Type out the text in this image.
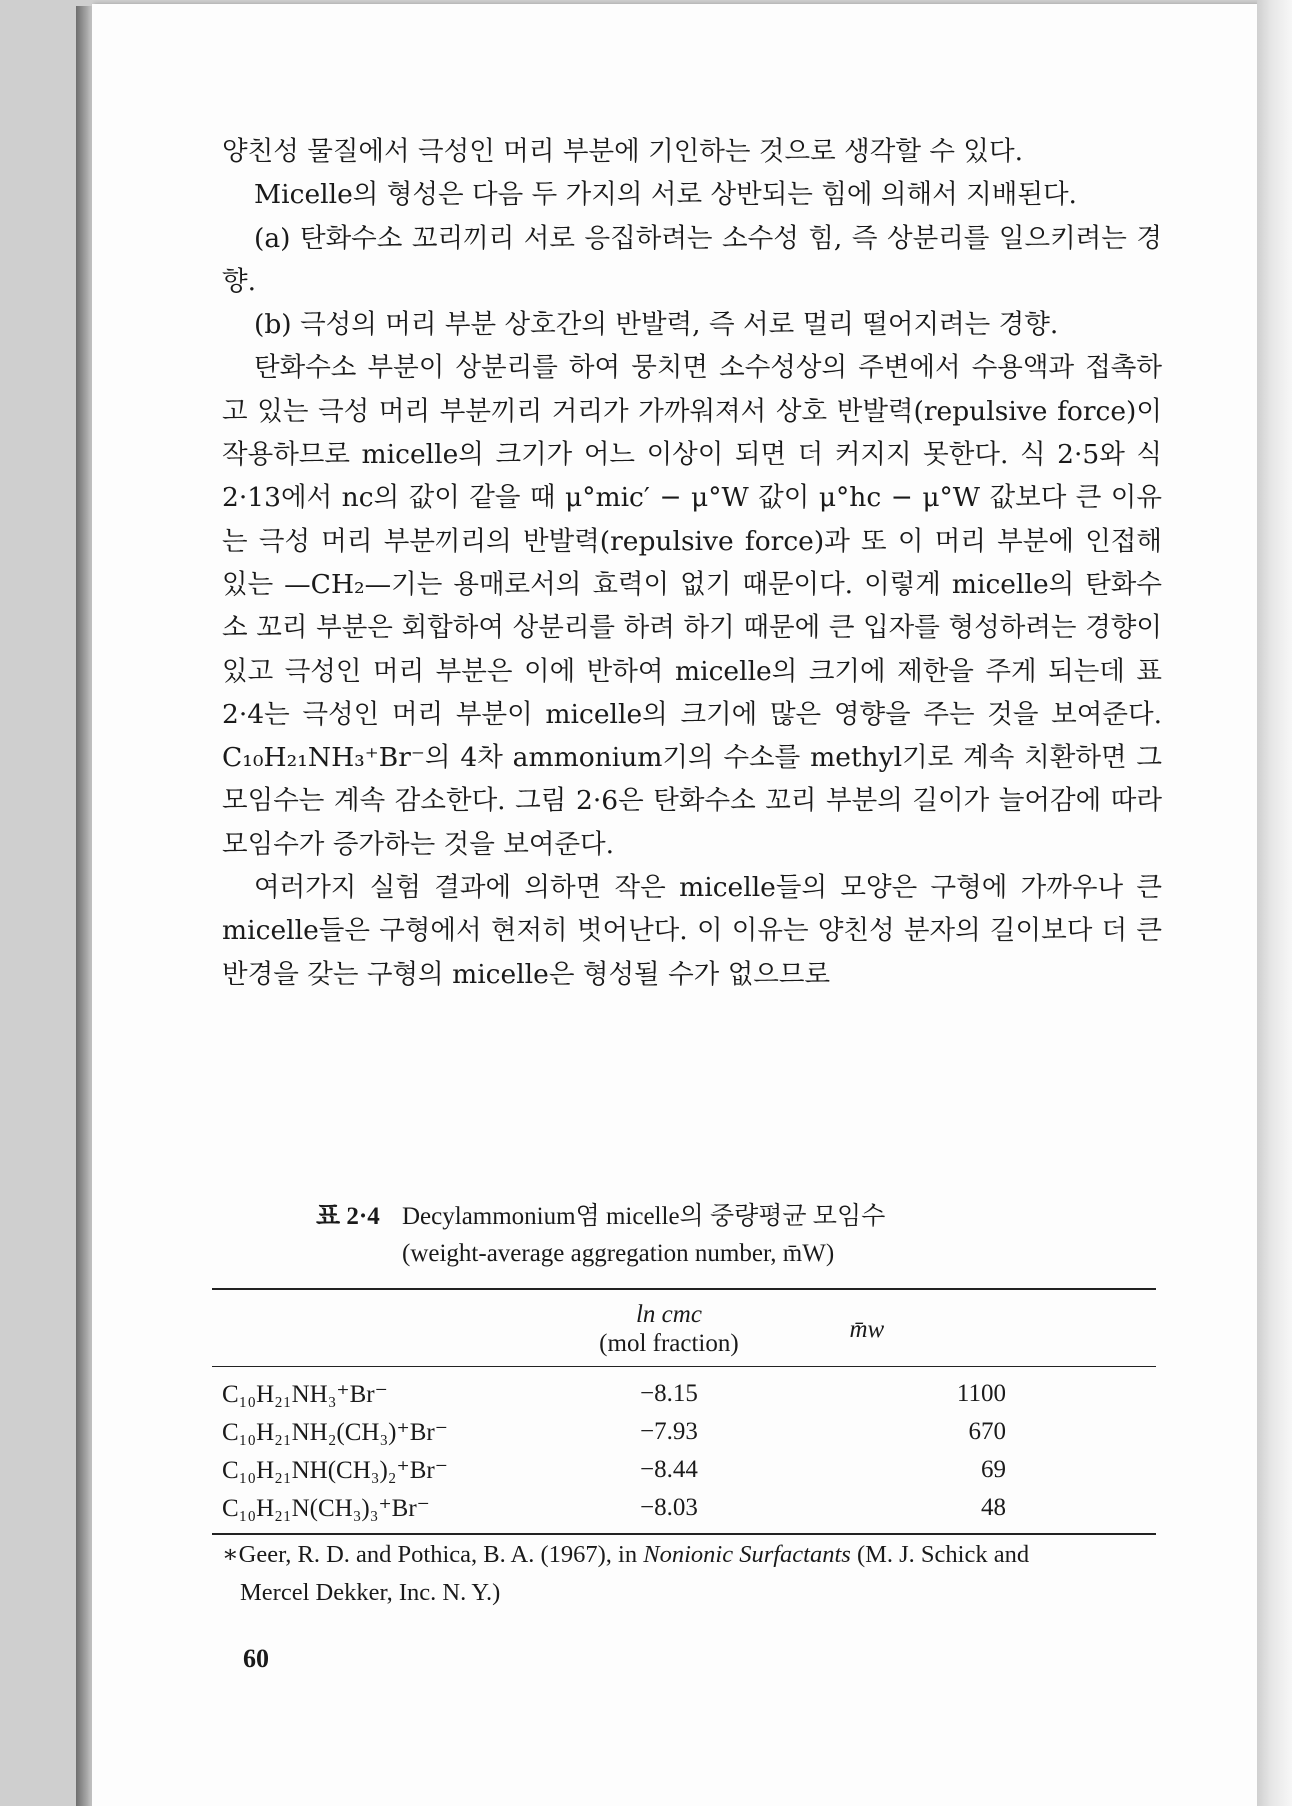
양친성 물질에서 극성인 머리 부분에 기인하는 것으로 생각할 수 있다.

Micelle의 형성은 다음 두 가지의 서로 상반되는 힘에 의해서 지배된다.

(a) 탄화수소 꼬리끼리 서로 응집하려는 소수성 힘, 즉 상분리를 일으키려는 경향.

(b) 극성의 머리 부분 상호간의 반발력, 즉 서로 멀리 떨어지려는 경향.

탄화수소 부분이 상분리를 하여 뭉치면 소수성상의 주변에서 수용액과 접촉하고 있는 극성 머리 부분끼리 거리가 가까워져서 상호 반발력(repulsive force)이 작용하므로 micelle의 크기가 어느 이상이 되면 더 커지지 못한다. 식 2·5와 식 2·13에서 nc의 값이 같을 때 μ°mic′ − μ°W 값이 μ°hc − μ°W 값보다 큰 이유는 극성 머리 부분끼리의 반발력(repulsive force)과 또 이 머리 부분에 인접해 있는 —CH₂—기는 용매로서의 효력이 없기 때문이다. 이렇게 micelle의 탄화수소 꼬리 부분은 회합하여 상분리를 하려 하기 때문에 큰 입자를 형성하려는 경향이 있고 극성인 머리 부분은 이에 반하여 micelle의 크기에 제한을 주게 되는데 표 2·4는 극성인 머리 부분이 micelle의 크기에 많은 영향을 주는 것을 보여준다. C₁₀H₂₁NH₃⁺Br⁻의 4차 ammonium기의 수소를 methyl기로 계속 치환하면 그 모임수는 계속 감소한다. 그림 2·6은 탄화수소 꼬리 부분의 길이가 늘어감에 따라 모임수가 증가하는 것을 보여준다.

여러가지 실험 결과에 의하면 작은 micelle들의 모양은 구형에 가까우나 큰 micelle들은 구형에서 현저히 벗어난다. 이 이유는 양친성 분자의 길이보다 더 큰 반경을 갖는 구형의 micelle은 형성될 수가 없으므로

표 2·4 Decylammonium염 micelle의 중량평균 모임수
(weight-average aggregation number, m̄W)

	ln cmc
(mol fraction)	m̄w
C₁₀H₂₁NH₃⁺Br⁻	−8.15	1100
C₁₀H₂₁NH₂(CH₃)⁺Br⁻	−7.93	670
C₁₀H₂₁NH(CH₃)₂⁺Br⁻	−8.44	69
C₁₀H₂₁N(CH₃)₃⁺Br⁻	−8.03	48
∗Geer, R. D. and Pothica, B. A. (1967), in Nonionic Surfactants (M. J. Schick and
Mercel Dekker, Inc. N. Y.)
60
